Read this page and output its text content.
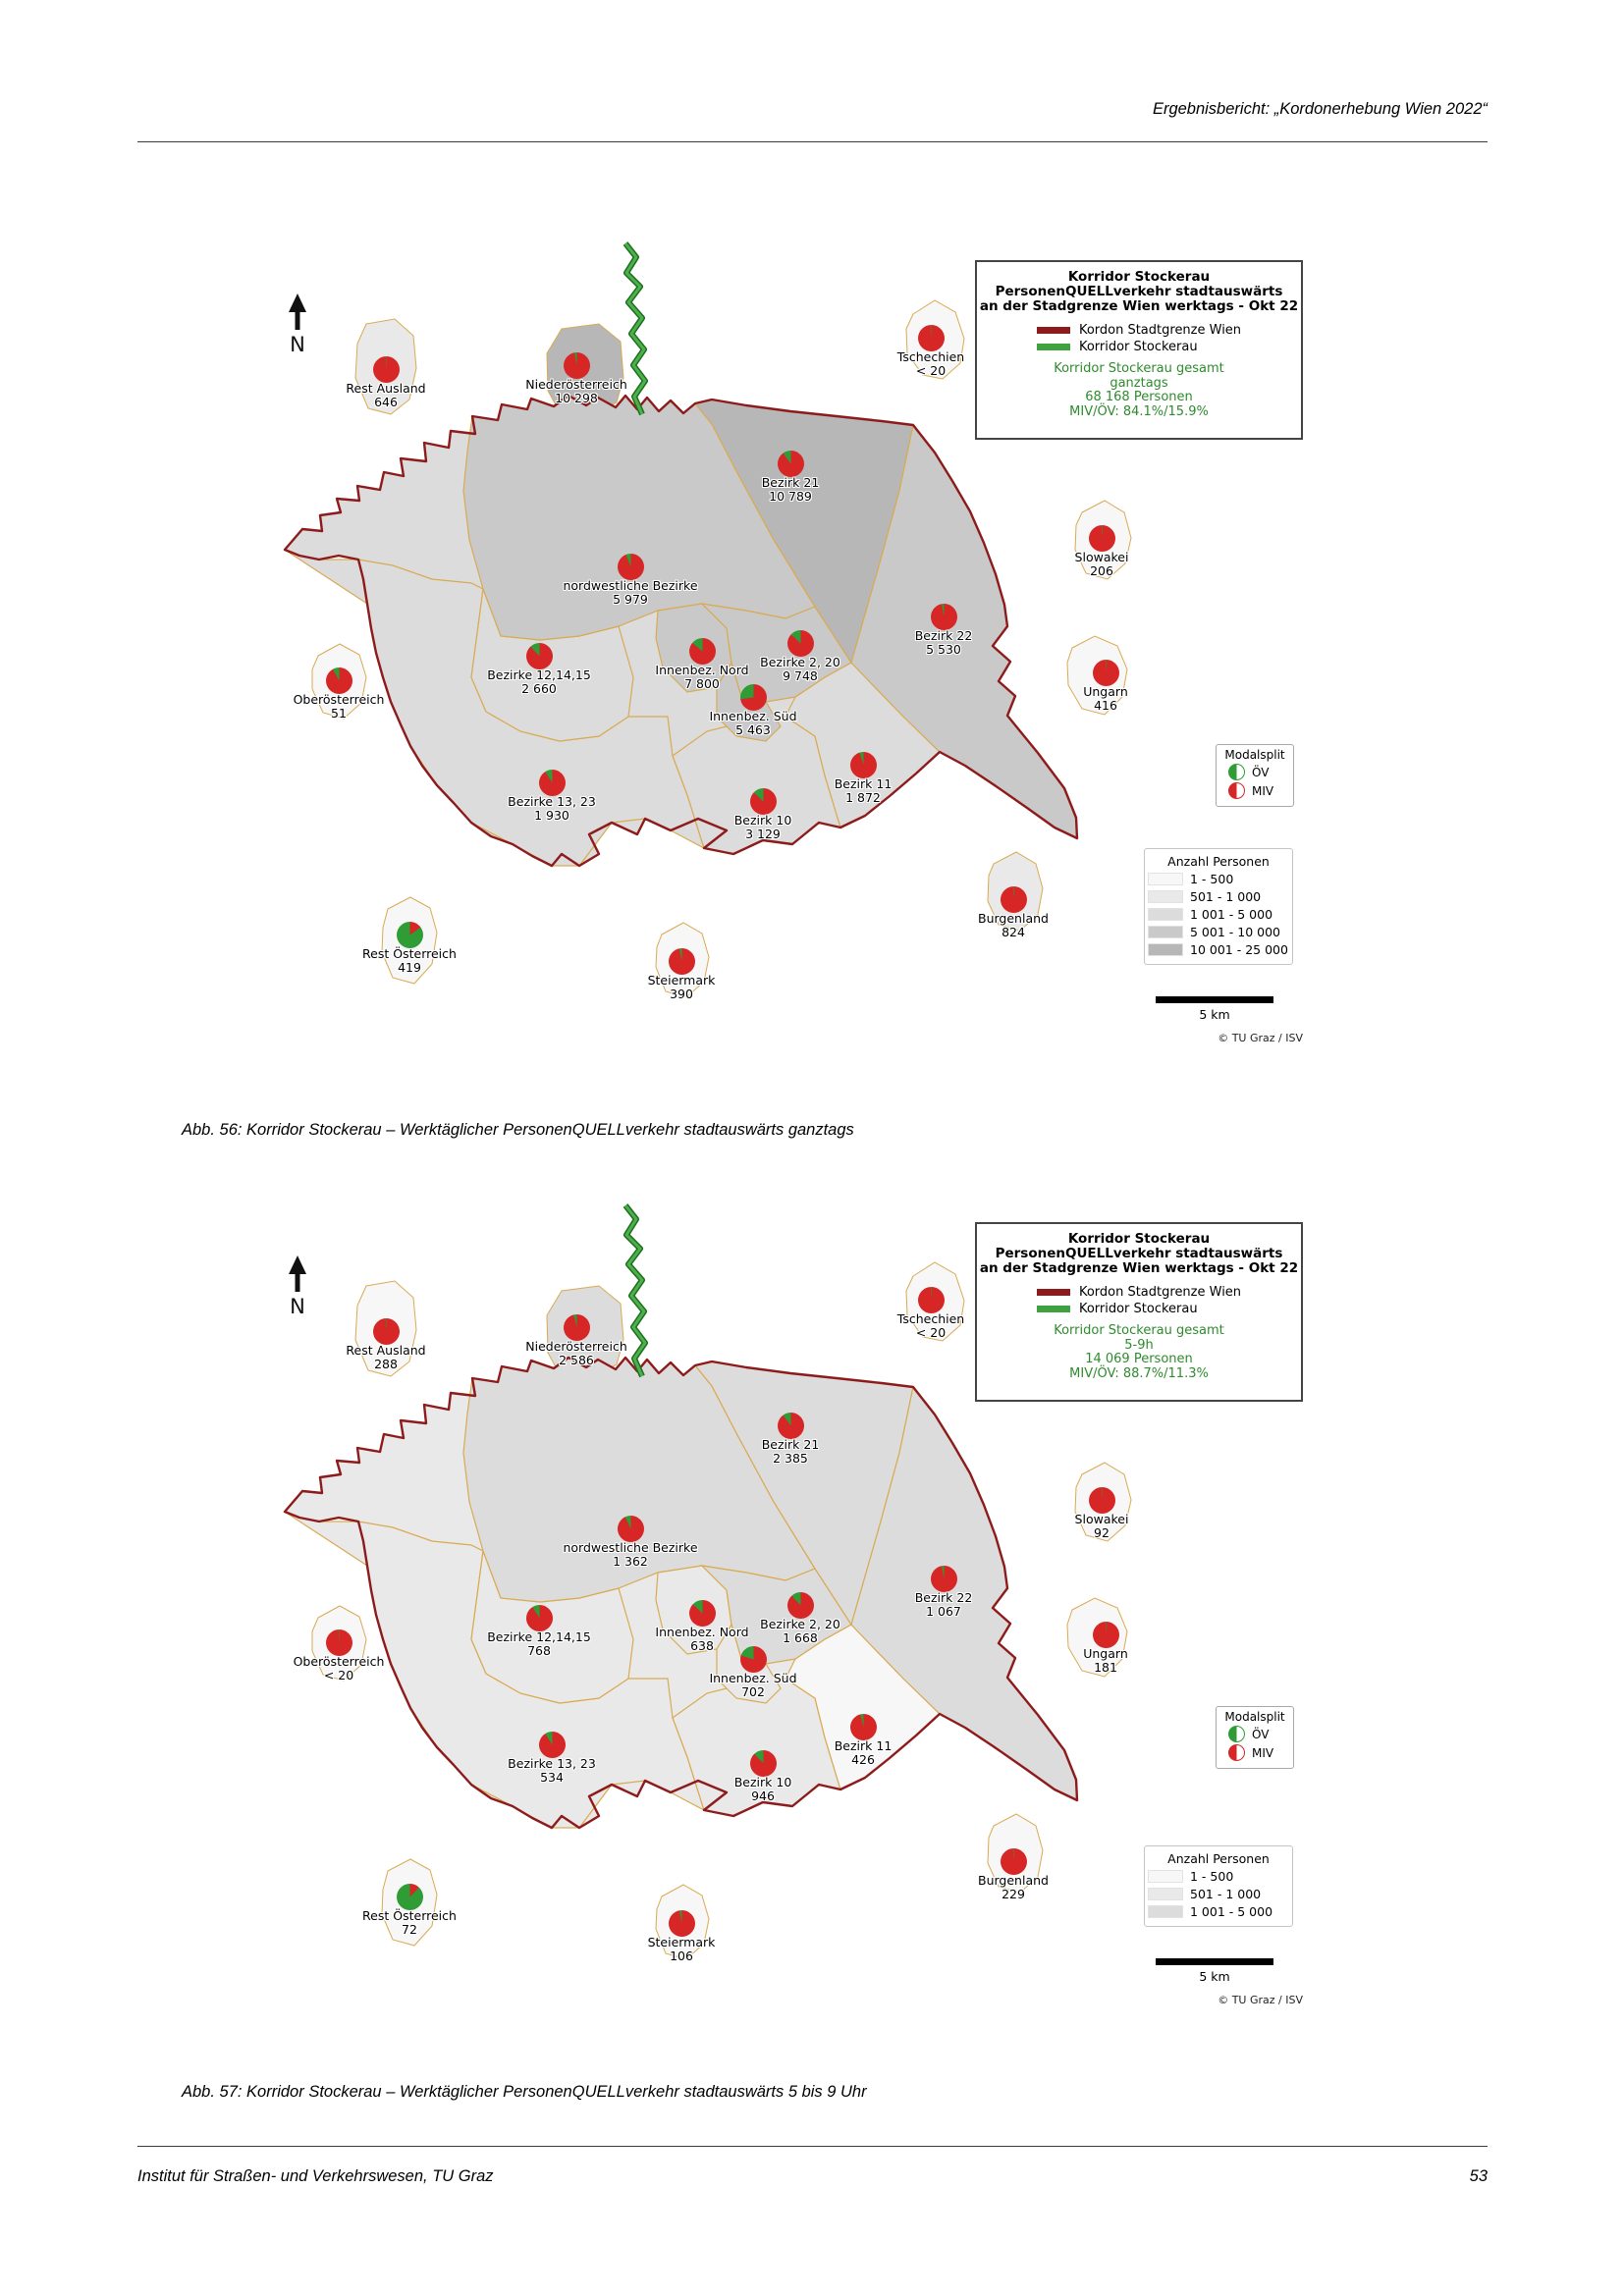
Ergebnisbericht: „Kordonerhebung Wien 2022“
N
Rest Ausland
646
Niederösterreich
10 298
Tschechien
< 20
Slowakei
206
Ungarn
416
Oberösterreich
51
Rest Österreich
419
Steiermark
390
Burgenland
824
Bezirk 21
10 789
nordwestliche Bezirke
5 979
Bezirke 12,14,15
2 660
Innenbez. Nord
7 800
Bezirke 2, 20
9 748
Innenbez. Süd
5 463
Bezirk 22
5 530
Bezirke 13, 23
1 930	Bezirk 10
3 129
Bezirk 11
1 872
Korridor Stockerau
PersonenQUELLverkehr stadtauswärts
an der Stadgrenze Wien werktags - Okt 22
Kordon Stadtgrenze Wien
Korridor Stockerau
Korridor Stockerau gesamt
ganztags
68 168 Personen
MIV/ÖV: 84.1%/15.9%
Modalsplit
ÖV
MIV
Anzahl Personen
1 - 500
501 - 1 000
1 001 - 5 000
5 001 - 10 000
10 001 - 25 000
5 km
© TU Graz / ISV
Abb. 56: Korridor Stockerau – Werktäglicher PersonenQUELLverkehr stadtauswärts ganztags
N
Rest Ausland
288
Niederösterreich
2 586
Tschechien
< 20
Slowakei
92
Ungarn
181
Oberösterreich
< 20
Rest Österreich
72
Steiermark
106
Burgenland
229
Bezirk 21
2 385
nordwestliche Bezirke
1 362
Bezirke 12,14,15
768
Innenbez. Nord
638
Bezirke 2, 20
1 668
Innenbez. Süd
702
Bezirk 22
1 067
Bezirke 13, 23
534	Bezirk 10
946
Bezirk 11
426
Korridor Stockerau
PersonenQUELLverkehr stadtauswärts
an der Stadgrenze Wien werktags - Okt 22
Kordon Stadtgrenze Wien
Korridor Stockerau
Korridor Stockerau gesamt
5-9h
14 069 Personen
MIV/ÖV: 88.7%/11.3%
Modalsplit
ÖV
MIV
Anzahl Personen
1 - 500
501 - 1 000
1 001 - 5 000
5 km
© TU Graz / ISV
Abb. 57: Korridor Stockerau – Werktäglicher PersonenQUELLverkehr stadtauswärts 5 bis 9 Uhr
Institut für Straßen- und Verkehrswesen, TU Graz	53
